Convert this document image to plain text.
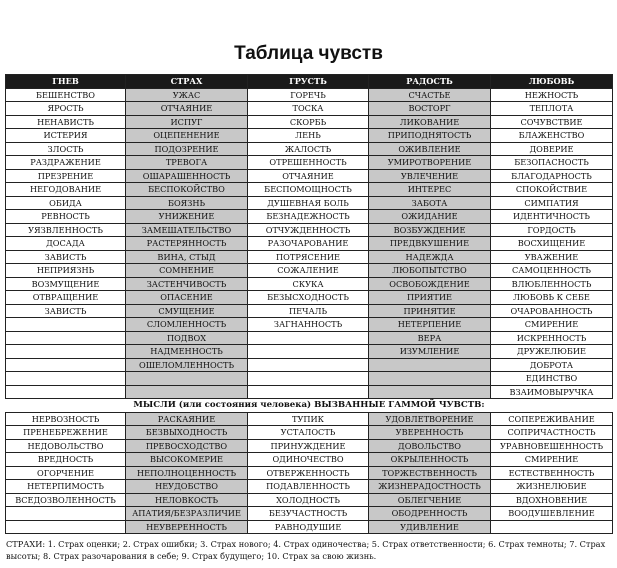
Таблица чувств
ГНЕВ	СТРАХ	ГРУСТЬ	РАДОСТЬ	ЛЮБОВЬ
БЕШЕНСТВО	УЖАС	ГОРЕЧЬ	СЧАСТЬЕ	НЕЖНОСТЬ
ЯРОСТЬ	ОТЧАЯНИЕ	ТОСКА	ВОСТОРГ	ТЕПЛОТА
НЕНАВИСТЬ	ИСПУГ	СКОРБЬ	ЛИКОВАНИЕ	СОЧУВСТВИЕ
ИСТЕРИЯ	ОЦЕПЕНЕНИЕ	ЛЕНЬ	ПРИПОДНЯТОСТЬ	БЛАЖЕНСТВО
ЗЛОСТЬ	ПОДОЗРЕНИЕ	ЖАЛОСТЬ	ОЖИВЛЕНИЕ	ДОВЕРИЕ
РАЗДРАЖЕНИЕ	ТРЕВОГА	ОТРЕШЕННОСТЬ	УМИРОТВОРЕНИЕ	БЕЗОПАСНОСТЬ
ПРЕЗРЕНИЕ	ОШАРАШЕННОСТЬ	ОТЧАЯНИЕ	УВЛЕЧЕНИЕ	БЛАГОДАРНОСТЬ
НЕГОДОВАНИЕ	БЕСПОКОЙСТВО	БЕСПОМОЩНОСТЬ	ИНТЕРЕС	СПОКОЙСТВИЕ
ОБИДА	БОЯЗНЬ	ДУШЕВНАЯ БОЛЬ	ЗАБОТА	СИМПАТИЯ
РЕВНОСТЬ	УНИЖЕНИЕ	БЕЗНАДЕЖНОСТЬ	ОЖИДАНИЕ	ИДЕНТИЧНОСТЬ
УЯЗВЛЕННОСТЬ	ЗАМЕШАТЕЛЬСТВО	ОТЧУЖДЕННОСТЬ	ВОЗБУЖДЕНИЕ	ГОРДОСТЬ
ДОСАДА	РАСТЕРЯННОСТЬ	РАЗОЧАРОВАНИЕ	ПРЕДВКУШЕНИЕ	ВОСХИЩЕНИЕ
ЗАВИСТЬ	ВИНА, СТЫД	ПОТРЯСЕНИЕ	НАДЕЖДА	УВАЖЕНИЕ
НЕПРИЯЗНЬ	СОМНЕНИЕ	СОЖАЛЕНИЕ	ЛЮБОПЫТСТВО	САМОЦЕННОСТЬ
ВОЗМУЩЕНИЕ	ЗАСТЕНЧИВОСТЬ	СКУКА	ОСВОБОЖДЕНИЕ	ВЛЮБЛЕННОСТЬ
ОТВРАЩЕНИЕ	ОПАСЕНИЕ	БЕЗЫСХОДНОСТЬ	ПРИЯТИЕ	ЛЮБОВЬ К СЕБЕ
ЗАВИСТЬ	СМУЩЕНИЕ	ПЕЧАЛЬ	ПРИНЯТИЕ	ОЧАРОВАННОСТЬ
	СЛОМЛЕННОСТЬ	ЗАГНАННОСТЬ	НЕТЕРПЕНИЕ	СМИРЕНИЕ
	ПОДВОХ		ВЕРА	ИСКРЕННОСТЬ
	НАДМЕННОСТЬ		ИЗУМЛЕНИЕ	ДРУЖЕЛЮБИЕ
	ОШЕЛОМЛЕННОСТЬ			ДОБРОТА
				ЕДИНСТВО
				ВЗАИМОВЫРУЧКА
МЫСЛИ (или состояния человека) ВЫЗВАННЫЕ ГАММОЙ ЧУВСТВ:				
НЕРВОЗНОСТЬ	РАСКАЯНИЕ	ТУПИК	УДОВЛЕТВОРЕНИЕ	СОПЕРЕЖИВАНИЕ
ПРЕНЕБРЕЖЕНИЕ	БЕЗВЫХОДНОСТЬ	УСТАЛОСТЬ	УВЕРЕННОСТЬ	СОПРИЧАСТНОСТЬ
НЕДОВОЛЬСТВО	ПРЕВОСХОДСТВО	ПРИНУЖДЕНИЕ	ДОВОЛЬСТВО	УРАВНОВЕШЕННОСТЬ
ВРЕДНОСТЬ	ВЫСОКОМЕРИЕ	ОДИНОЧЕСТВО	ОКРЫЛЕННОСТЬ	СМИРЕНИЕ
ОГОРЧЕНИЕ	НЕПОЛНОЦЕННОСТЬ	ОТВЕРЖЕННОСТЬ	ТОРЖЕСТВЕННОСТЬ	ЕСТЕСТВЕННОСТЬ
НЕТЕРПИМОСТЬ	НЕУДОБСТВО	ПОДАВЛЕННОСТЬ	ЖИЗНЕРАДОСТНОСТЬ	ЖИЗНЕЛЮБИЕ
ВСЕДОЗВОЛЕННОСТЬ	НЕЛОВКОСТЬ	ХОЛОДНОСТЬ	ОБЛЕГЧЕНИЕ	ВДОХНОВЕНИЕ
	АПАТИЯ/БЕЗРАЗЛИЧИЕ	БЕЗУЧАСТНОСТЬ	ОБОДРЕННОСТЬ	ВООДУШЕВЛЕНИЕ
	НЕУВЕРЕННОСТЬ	РАВНОДУШИЕ	УДИВЛЕНИЕ	
СТРАХИ: 1. Страх оценки; 2. Страх ошибки; 3. Страх нового; 4. Страх одиночества; 5. Страх ответственности; 6. Страх темноты; 7. Страх высоты; 8. Страх разочарования в себе; 9. Страх будущего; 10. Страх за свою жизнь.
